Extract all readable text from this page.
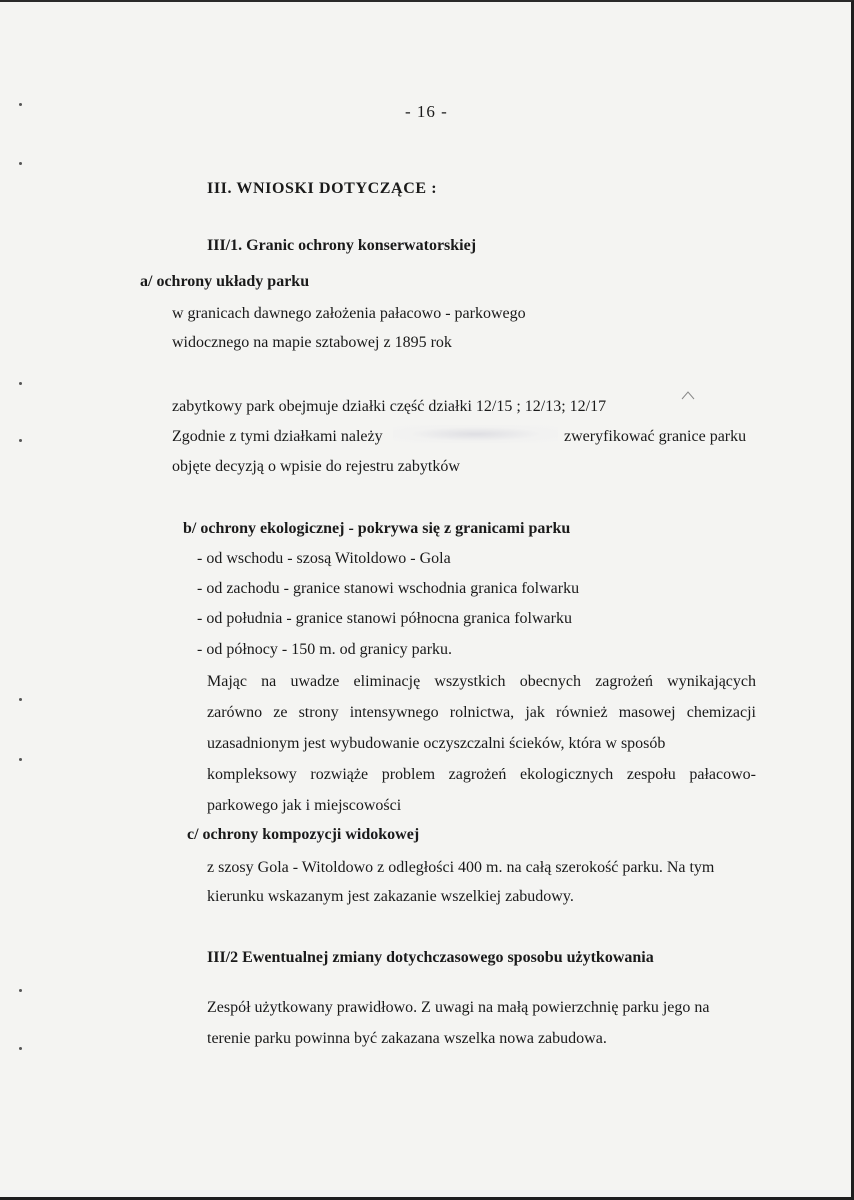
- 16 -
III. WNIOSKI DOTYCZĄCE :
III/1. Granic ochrony konserwatorskiej
a/ ochrony układy parku
w granicach dawnego założenia pałacowo - parkowego
widocznego na mapie sztabowej z 1895 rok
zabytkowy park obejmuje działki część działki 12/15 ; 12/13; 12/17
Zgodnie z tymi działkami należy	zweryfikować granice parku
objęte decyzją o wpisie do rejestru zabytków
b/ ochrony ekologicznej - pokrywa się z granicami parku
- od wschodu - szosą Witoldowo - Gola
- od zachodu - granice stanowi wschodnia granica folwarku
- od południa - granice stanowi północna granica folwarku
- od północy - 150 m. od granicy parku.
Mając na uwadze eliminację wszystkich obecnych zagrożeń wynikających
zarówno ze strony intensywnego rolnictwa, jak również masowej chemizacji
uzasadnionym jest wybudowanie oczyszczalni ścieków, która w sposób
kompleksowy rozwiąże problem zagrożeń ekologicznych zespołu pałacowo-
parkowego jak i miejscowości
c/ ochrony kompozycji widokowej
z szosy Gola - Witoldowo z odległości 400 m. na całą szerokość parku. Na tym
kierunku wskazanym jest zakazanie wszelkiej zabudowy.
III/2 Ewentualnej zmiany dotychczasowego sposobu użytkowania
Zespół użytkowany prawidłowo. Z uwagi na małą powierzchnię parku jego na
terenie parku powinna być zakazana wszelka nowa zabudowa.
